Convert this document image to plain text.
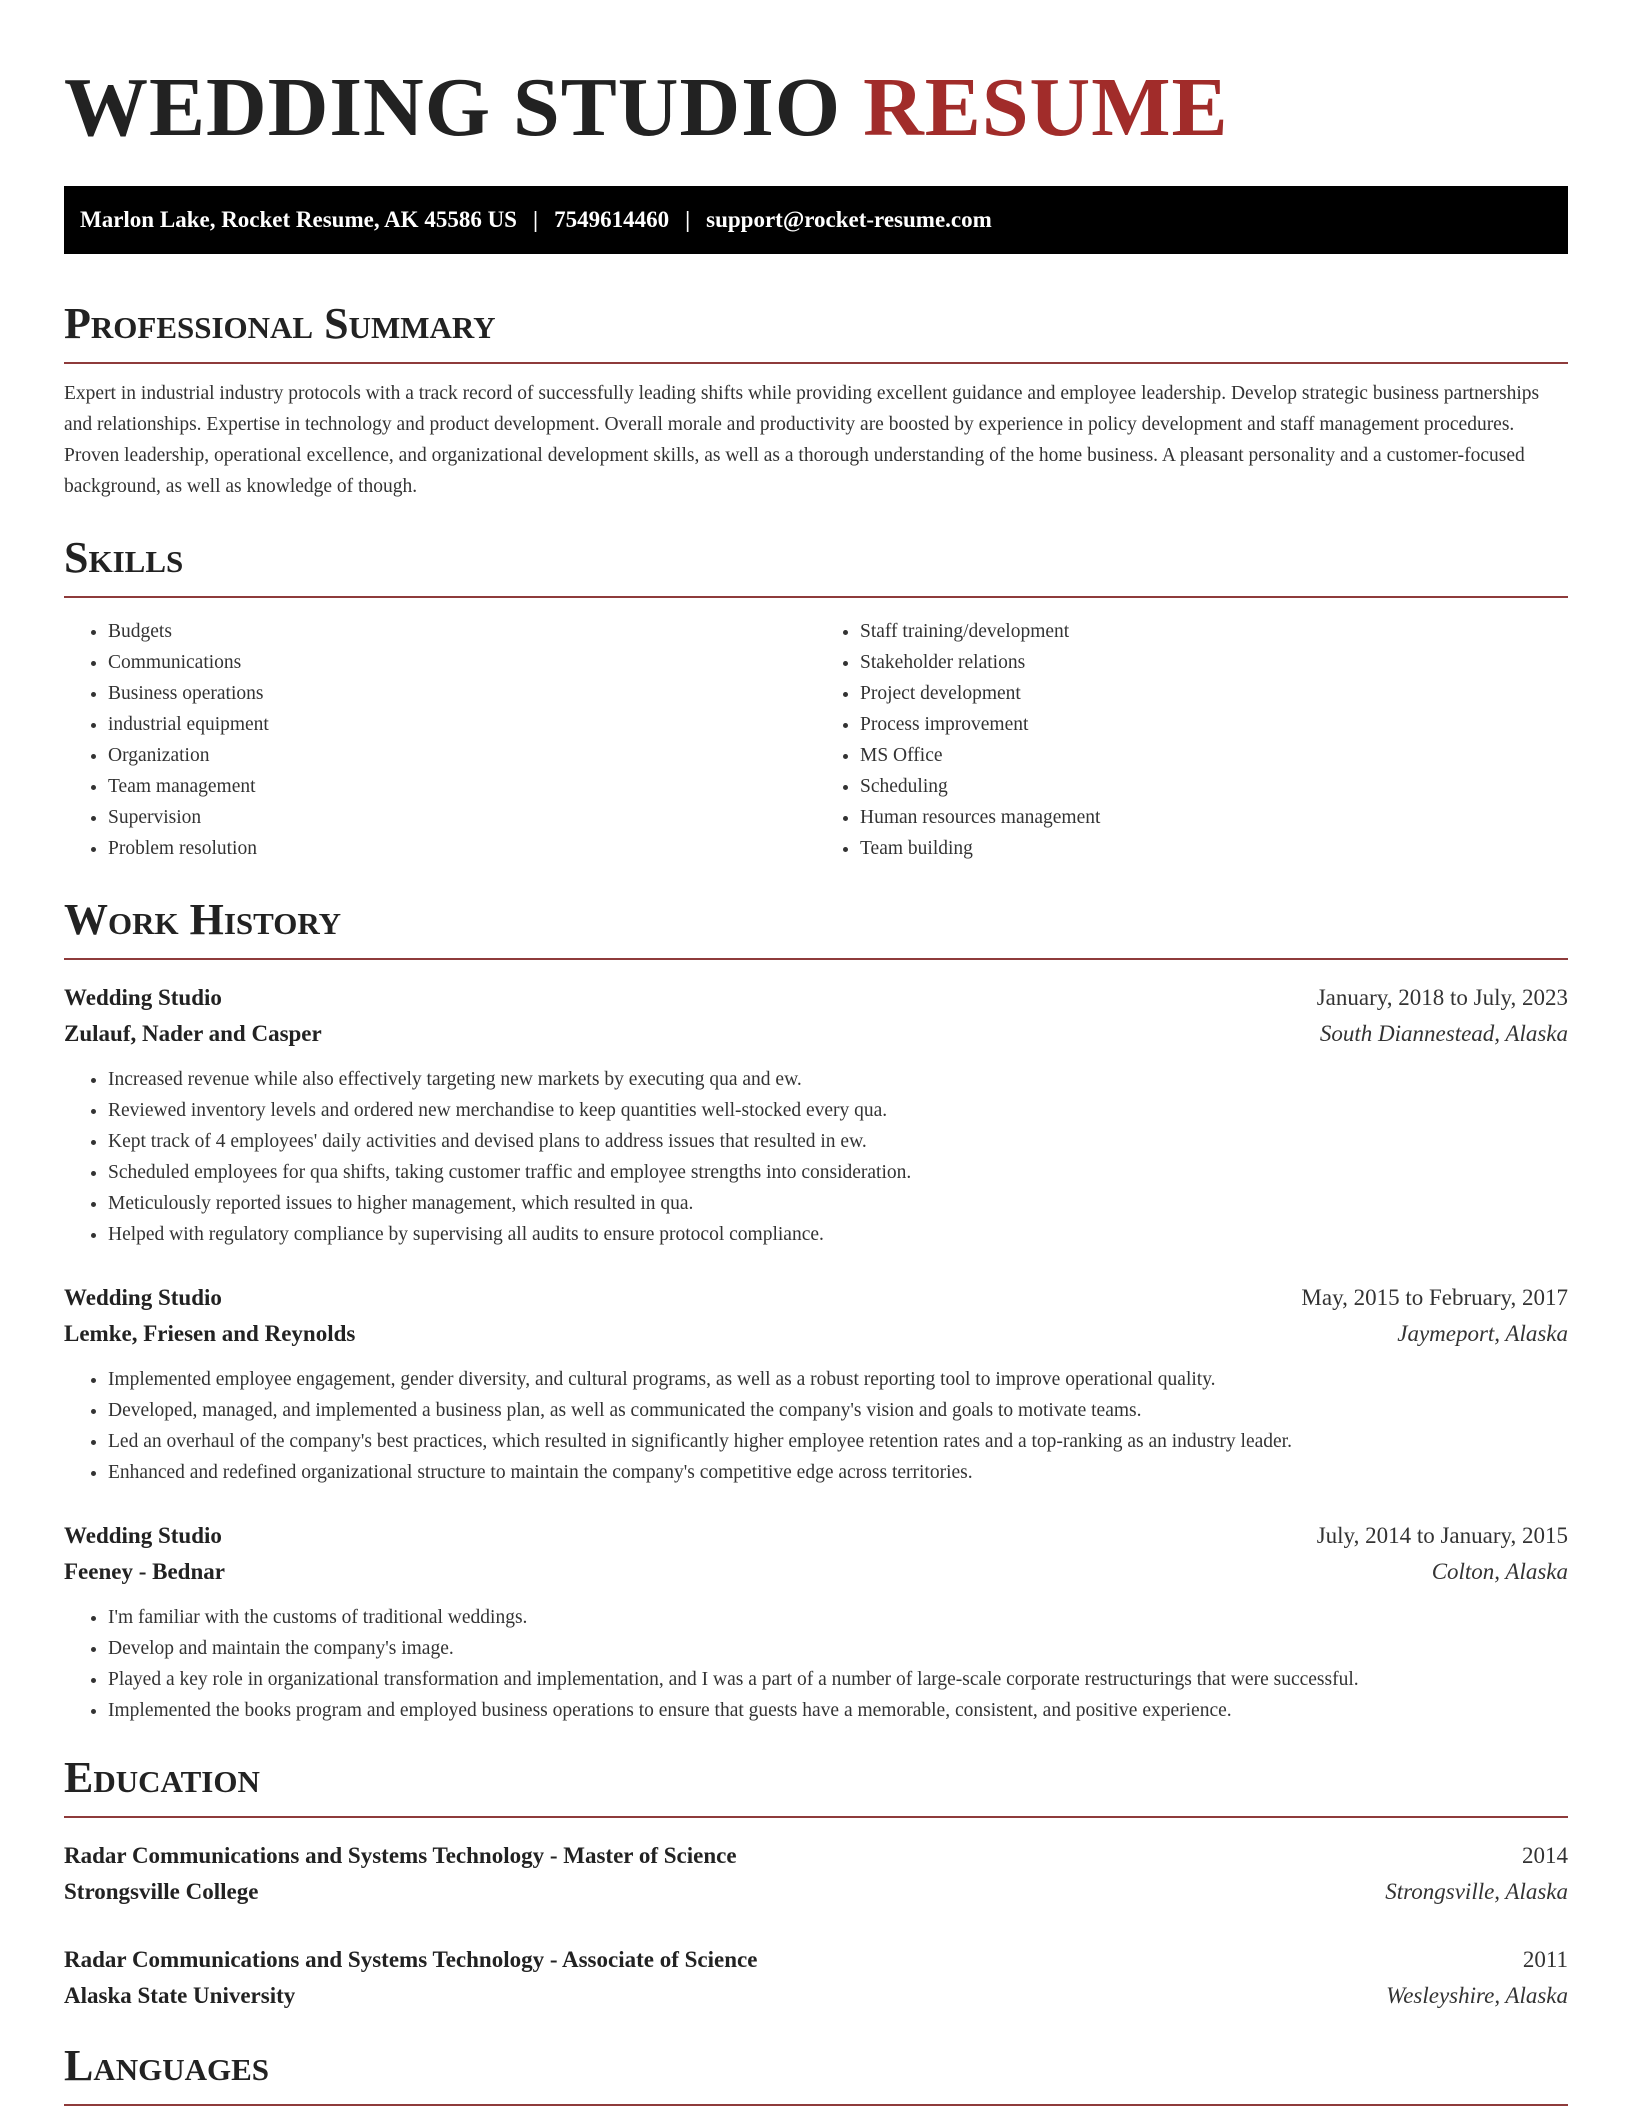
WEDDING STUDIO RESUME
Marlon Lake, Rocket Resume, AK 45586 US | 7549614460 | support@rocket-resume.com
Professional Summary

Expert in industrial industry protocols with a track record of successfully leading shifts while providing excellent guidance and employee leadership. Develop strategic business partnerships and relationships. Expertise in technology and product development. Overall morale and productivity are boosted by experience in policy development and staff management procedures. Proven leadership, operational excellence, and organizational development skills, as well as a thorough understanding of the home business. A pleasant personality and a customer-focused background, as well as knowledge of though.

Skills
• Budgets
• Communications
• Business operations
• industrial equipment
• Organization
• Team management
• Supervision
• Problem resolution
• Staff training/development
• Stakeholder relations
• Project development
• Process improvement
• MS Office
• Scheduling
• Human resources management
• Team building
Work History
Wedding Studio	January, 2018 to July, 2023
Zulauf, Nader and Casper	South Diannestead, Alaska
• Increased revenue while also effectively targeting new markets by executing qua and ew.
• Reviewed inventory levels and ordered new merchandise to keep quantities well-stocked every qua.
• Kept track of 4 employees' daily activities and devised plans to address issues that resulted in ew.
• Scheduled employees for qua shifts, taking customer traffic and employee strengths into consideration.
• Meticulously reported issues to higher management, which resulted in qua.
• Helped with regulatory compliance by supervising all audits to ensure protocol compliance.
Wedding Studio	May, 2015 to February, 2017
Lemke, Friesen and Reynolds	Jaymeport, Alaska
• Implemented employee engagement, gender diversity, and cultural programs, as well as a robust reporting tool to improve operational quality.
• Developed, managed, and implemented a business plan, as well as communicated the company's vision and goals to motivate teams.
• Led an overhaul of the company's best practices, which resulted in significantly higher employee retention rates and a top-ranking as an industry leader.
• Enhanced and redefined organizational structure to maintain the company's competitive edge across territories.
Wedding Studio	July, 2014 to January, 2015
Feeney - Bednar	Colton, Alaska
• I'm familiar with the customs of traditional weddings.
• Develop and maintain the company's image.
• Played a key role in organizational transformation and implementation, and I was a part of a number of large-scale corporate restructurings that were successful.
• Implemented the books program and employed business operations to ensure that guests have a memorable, consistent, and positive experience.
Education
Radar Communications and Systems Technology - Master of Science	2014
Strongsville College	Strongsville, Alaska
Radar Communications and Systems Technology - Associate of Science	2011
Alaska State University	Wesleyshire, Alaska
Languages
